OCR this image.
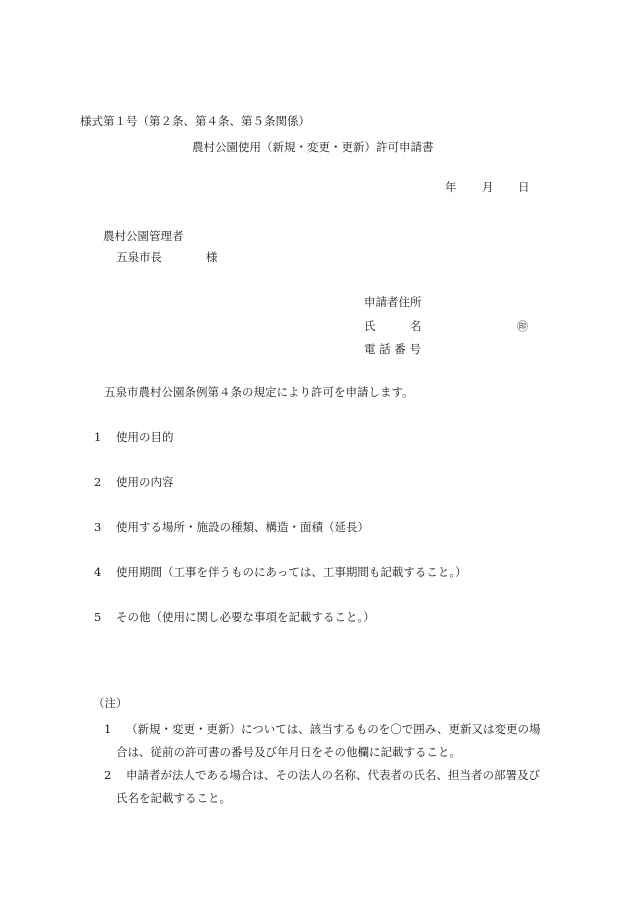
様式第１号（第２条、第４条、第５条関係）
農村公園使用（新規・変更・更新）許可申請書
年 月 日
農村公園管理者
五泉市長	様
申請者住所
氏　　　名	㊞
電 話 番 号
五泉市農村公園条例第４条の規定により許可を申請します。
1 使用の目的
2 使用の内容
3 使用する場所・施設の種類、構造・面積（延長）
4 使用期間（工事を伴うものにあっては、工事期間も記載すること。）
5 その他（使用に関し必要な事項を記載すること。）
（注）
1 （新規・変更・更新）については、該当するものを〇で囲み、更新又は変更の場
合は、従前の許可書の番号及び年月日をその他欄に記載すること。
2 申請者が法人である場合は、その法人の名称、代表者の氏名、担当者の部署及び
氏名を記載すること。
